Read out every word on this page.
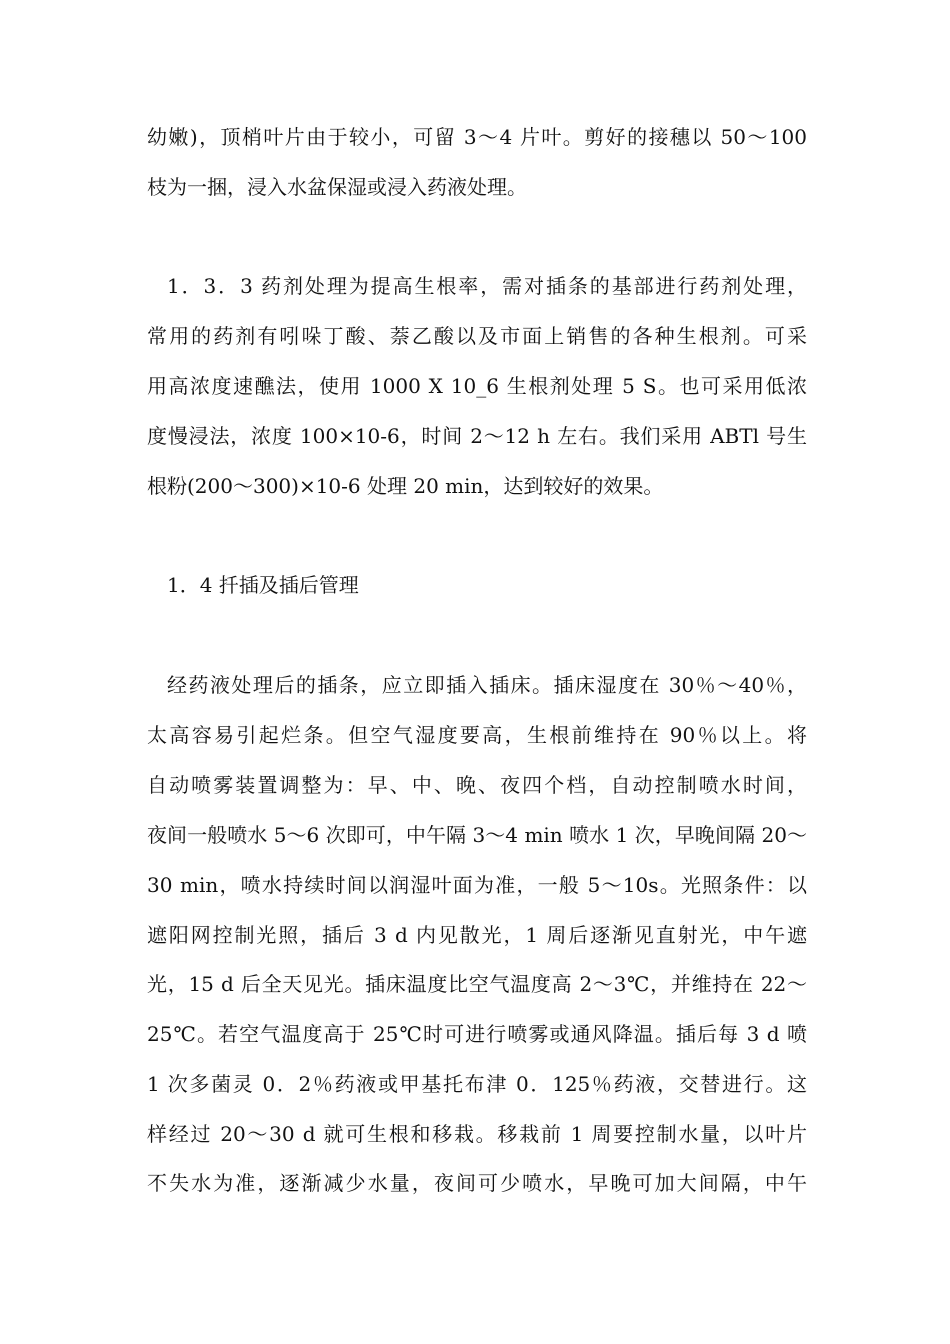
幼嫩)，顶梢叶片由于较小，可留 3～4 片叶。剪好的接穗以 50～100
枝为一捆，浸入水盆保湿或浸入药液处理。
1．3．3 药剂处理为提高生根率，需对插条的基部进行药剂处理，
常用的药剂有吲哚丁酸、萘乙酸以及市面上销售的各种生根剂。可采
用高浓度速醮法，使用 1000 X 10_6 生根剂处理 5 S。也可采用低浓
度慢浸法，浓度 100×10-6，时间 2～12 h 左右。我们采用 ABTl 号生
根粉(200～300)×10-6 处理 20 min，达到较好的效果。
1．4 扦插及插后管理
经药液处理后的插条，应立即插入插床。插床湿度在 30％～40％，
太高容易引起烂条。但空气湿度要高，生根前维持在 90％以上。将
自动喷雾装置调整为：早、中、晚、夜四个档，自动控制喷水时间，
夜间一般喷水 5～6 次即可，中午隔 3～4 min 喷水 1 次，早晚间隔 20～
30 min，喷水持续时间以润湿叶面为准，一般 5～10s。光照条件：以
遮阳网控制光照，插后 3 d 内见散光，1 周后逐渐见直射光，中午遮
光，15 d 后全天见光。插床温度比空气温度高 2～3℃，并维持在 22～
25℃。若空气温度高于 25℃时可进行喷雾或通风降温。插后每 3 d 喷
1 次多菌灵 0．2％药液或甲基托布津 0．125％药液，交替进行。这
样经过 20～30 d 就可生根和移栽。移栽前 1 周要控制水量，以叶片
不失水为准，逐渐减少水量，夜间可少喷水，早晚可加大间隔，中午
